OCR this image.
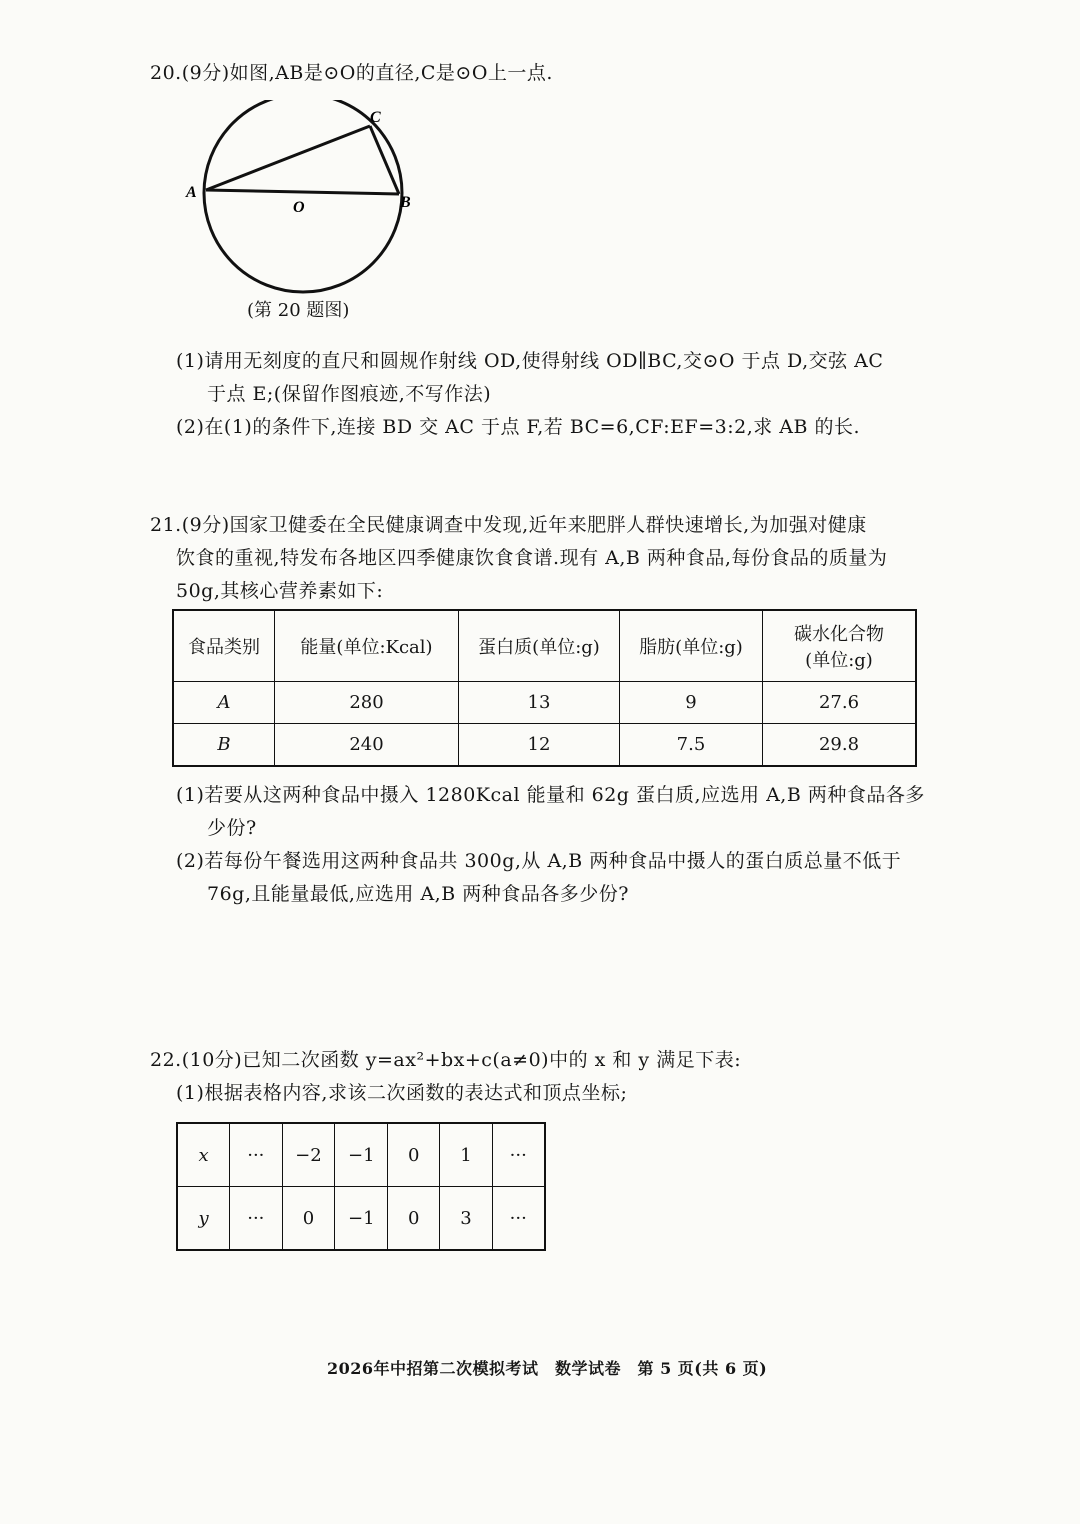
20.(9分)如图,AB是⊙O的直径,C是⊙O上一点.
A
B
C
O
(第 20 题图)
(1)请用无刻度的直尺和圆规作射线 OD,使得射线 OD∥BC,交⊙O 于点 D,交弦 AC
于点 E;(保留作图痕迹,不写作法)
(2)在(1)的条件下,连接 BD 交 AC 于点 F,若 BC=6,CF:EF=3:2,求 AB 的长.
21.(9分)国家卫健委在全民健康调查中发现,近年来肥胖人群快速增长,为加强对健康
饮食的重视,特发布各地区四季健康饮食食谱.现有 A,B 两种食品,每份食品的质量为
50g,其核心营养素如下:
食品类别	能量(单位:Kcal)	蛋白质(单位:g)	脂肪(单位:g)	碳水化合物
(单位:g)

A	280	13	9	27.6
B	240	12	7.5	29.8
(1)若要从这两种食品中摄入 1280Kcal 能量和 62g 蛋白质,应选用 A,B 两种食品各多
少份?
(2)若每份午餐选用这两种食品共 300g,从 A,B 两种食品中摄人的蛋白质总量不低于
76g,且能量最低,应选用 A,B 两种食品各多少份?
22.(10分)已知二次函数 y=ax²+bx+c(a≠0)中的 x 和 y 满足下表:
(1)根据表格内容,求该二次函数的表达式和顶点坐标;
x	···	−2	−1	0	1	···
y	···	0	−1	0	3	···
2026年中招第二次模拟考试　数学试卷　第 5 页(共 6 页)
